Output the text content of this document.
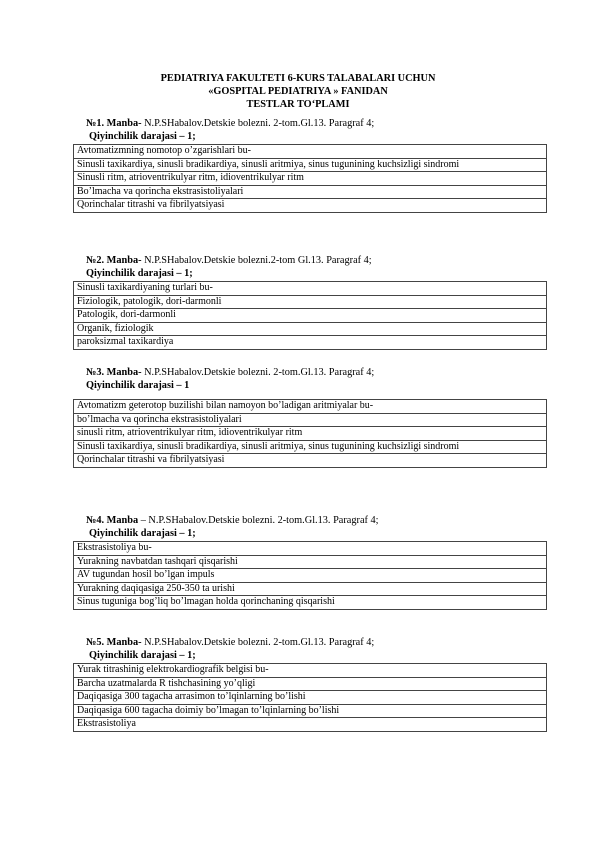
PEDIATRIYA FAKULTETI 6-KURS TALABALARI UCHUN
«GOSPITAL PEDIATRIYA » FANIDAN
TESTLAR TO‘PLAMI
№1. Manba- N.P.SHabalov.Detskie bolezni. 2-tom.Gl.13. Paragraf 4;
Qiyinchilik darajasi – 1;
Avtomatizmning nomotop o’zgarishlari bu-
Sinusli taxikardiya, sinusli bradikardiya, sinusli aritmiya, sinus tugunining kuchsizligi sindromi
Sinusli ritm, atrioventrikulyar ritm, idioventrikulyar ritm
Bo’lmacha va qorincha ekstrasistoliyalari
Qorinchalar titrashi va fibrilyatsiyasi
№2. Manba- N.P.SHabalov.Detskie bolezni.2-tom Gl.13. Paragraf 4;
Qiyinchilik darajasi – 1;
Sinusli taxikardiyaning turlari bu-
Fiziologik, patologik, dori-darmonli
Patologik, dori-darmonli
Organik, fiziologik
paroksizmal taxikardiya
№3. Manba- N.P.SHabalov.Detskie bolezni. 2-tom.Gl.13. Paragraf 4;
Qiyinchilik darajasi – 1
Avtomatizm geterotop buzilishi bilan namoyon bo’ladigan aritmiyalar bu-
bo’lmacha va qorincha ekstrasistoliyalari
sinusli ritm, atrioventrikulyar ritm, idioventrikulyar ritm
Sinusli taxikardiya, sinusli bradikardiya, sinusli aritmiya, sinus tugunining kuchsizligi sindromi
Qorinchalar titrashi va fibrilyatsiyasi
№4. Manba – N.P.SHabalov.Detskie bolezni. 2-tom.Gl.13. Paragraf 4;
Qiyinchilik darajasi – 1;
Ekstrasistoliya bu-
Yurakning navbatdan tashqari qisqarishi
AV tugundan hosil bo’lgan impuls
Yurakning daqiqasiga 250-350 ta urishi
Sinus tuguniga bog’liq bo’lmagan holda qorinchaning qisqarishi
№5. Manba- N.P.SHabalov.Detskie bolezni. 2-tom.Gl.13. Paragraf 4;
Qiyinchilik darajasi – 1;
Yurak titrashinig elektrokardiografik belgisi bu-
Barcha uzatmalarda R tishchasining yo’qligi
Daqiqasiga 300 tagacha arrasimon to’lqinlarning bo’lishi
Daqiqasiga 600 tagacha doimiy bo’lmagan to’lqinlarning bo’lishi
Ekstrasistoliya
